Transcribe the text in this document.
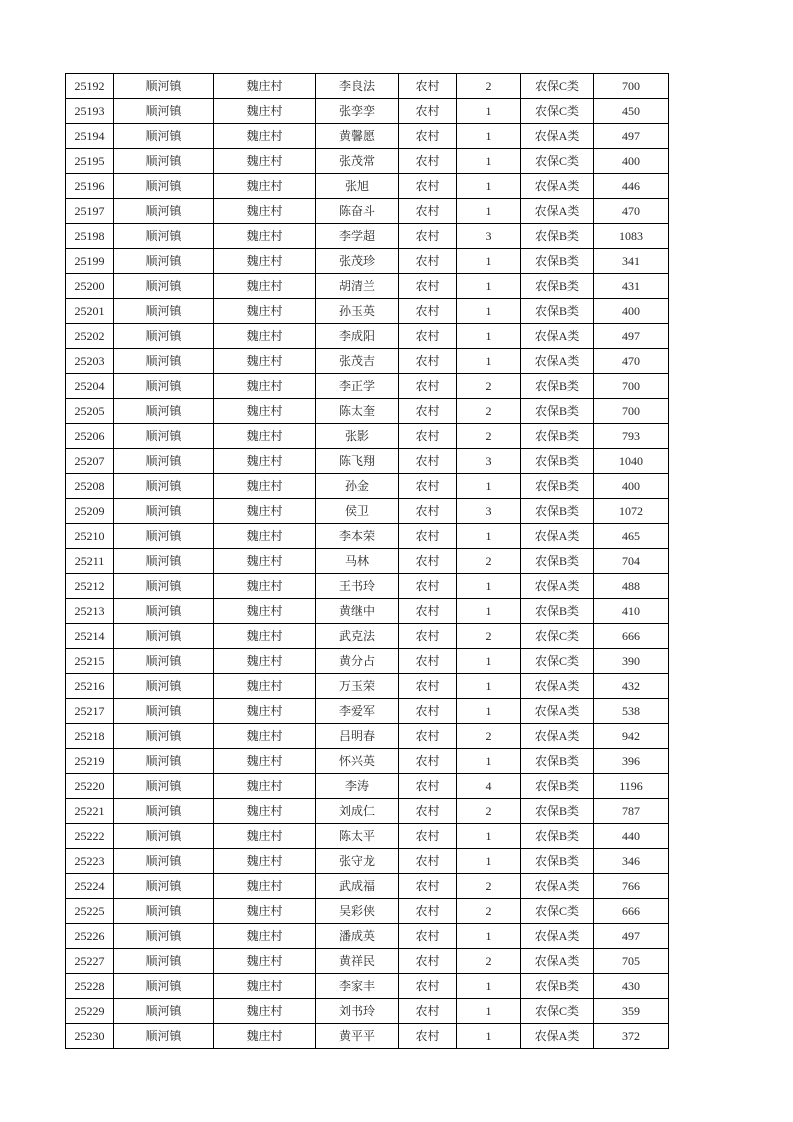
25192	顺河镇	魏庄村	李良法	农村	2	农保C类	700
25193	顺河镇	魏庄村	张孪孪	农村	1	农保C类	450
25194	顺河镇	魏庄村	黄馨愿	农村	1	农保A类	497
25195	顺河镇	魏庄村	张茂常	农村	1	农保C类	400
25196	顺河镇	魏庄村	张旭	农村	1	农保A类	446
25197	顺河镇	魏庄村	陈奋斗	农村	1	农保A类	470
25198	顺河镇	魏庄村	李学超	农村	3	农保B类	1083
25199	顺河镇	魏庄村	张茂珍	农村	1	农保B类	341
25200	顺河镇	魏庄村	胡清兰	农村	1	农保B类	431
25201	顺河镇	魏庄村	孙玉英	农村	1	农保B类	400
25202	顺河镇	魏庄村	李成阳	农村	1	农保A类	497
25203	顺河镇	魏庄村	张茂吉	农村	1	农保A类	470
25204	顺河镇	魏庄村	李正学	农村	2	农保B类	700
25205	顺河镇	魏庄村	陈太奎	农村	2	农保B类	700
25206	顺河镇	魏庄村	张影	农村	2	农保B类	793
25207	顺河镇	魏庄村	陈飞翔	农村	3	农保B类	1040
25208	顺河镇	魏庄村	孙金	农村	1	农保B类	400
25209	顺河镇	魏庄村	侯卫	农村	3	农保B类	1072
25210	顺河镇	魏庄村	李本荣	农村	1	农保A类	465
25211	顺河镇	魏庄村	马林	农村	2	农保B类	704
25212	顺河镇	魏庄村	王书玲	农村	1	农保A类	488
25213	顺河镇	魏庄村	黄继中	农村	1	农保B类	410
25214	顺河镇	魏庄村	武克法	农村	2	农保C类	666
25215	顺河镇	魏庄村	黄分占	农村	1	农保C类	390
25216	顺河镇	魏庄村	万玉荣	农村	1	农保A类	432
25217	顺河镇	魏庄村	李爱军	农村	1	农保A类	538
25218	顺河镇	魏庄村	吕明春	农村	2	农保A类	942
25219	顺河镇	魏庄村	怀兴英	农村	1	农保B类	396
25220	顺河镇	魏庄村	李涛	农村	4	农保B类	1196
25221	顺河镇	魏庄村	刘成仁	农村	2	农保B类	787
25222	顺河镇	魏庄村	陈太平	农村	1	农保B类	440
25223	顺河镇	魏庄村	张守龙	农村	1	农保B类	346
25224	顺河镇	魏庄村	武成福	农村	2	农保A类	766
25225	顺河镇	魏庄村	吴彩侠	农村	2	农保C类	666
25226	顺河镇	魏庄村	潘成英	农村	1	农保A类	497
25227	顺河镇	魏庄村	黄祥民	农村	2	农保A类	705
25228	顺河镇	魏庄村	李家丰	农村	1	农保B类	430
25229	顺河镇	魏庄村	刘书玲	农村	1	农保C类	359
25230	顺河镇	魏庄村	黄平平	农村	1	农保A类	372
